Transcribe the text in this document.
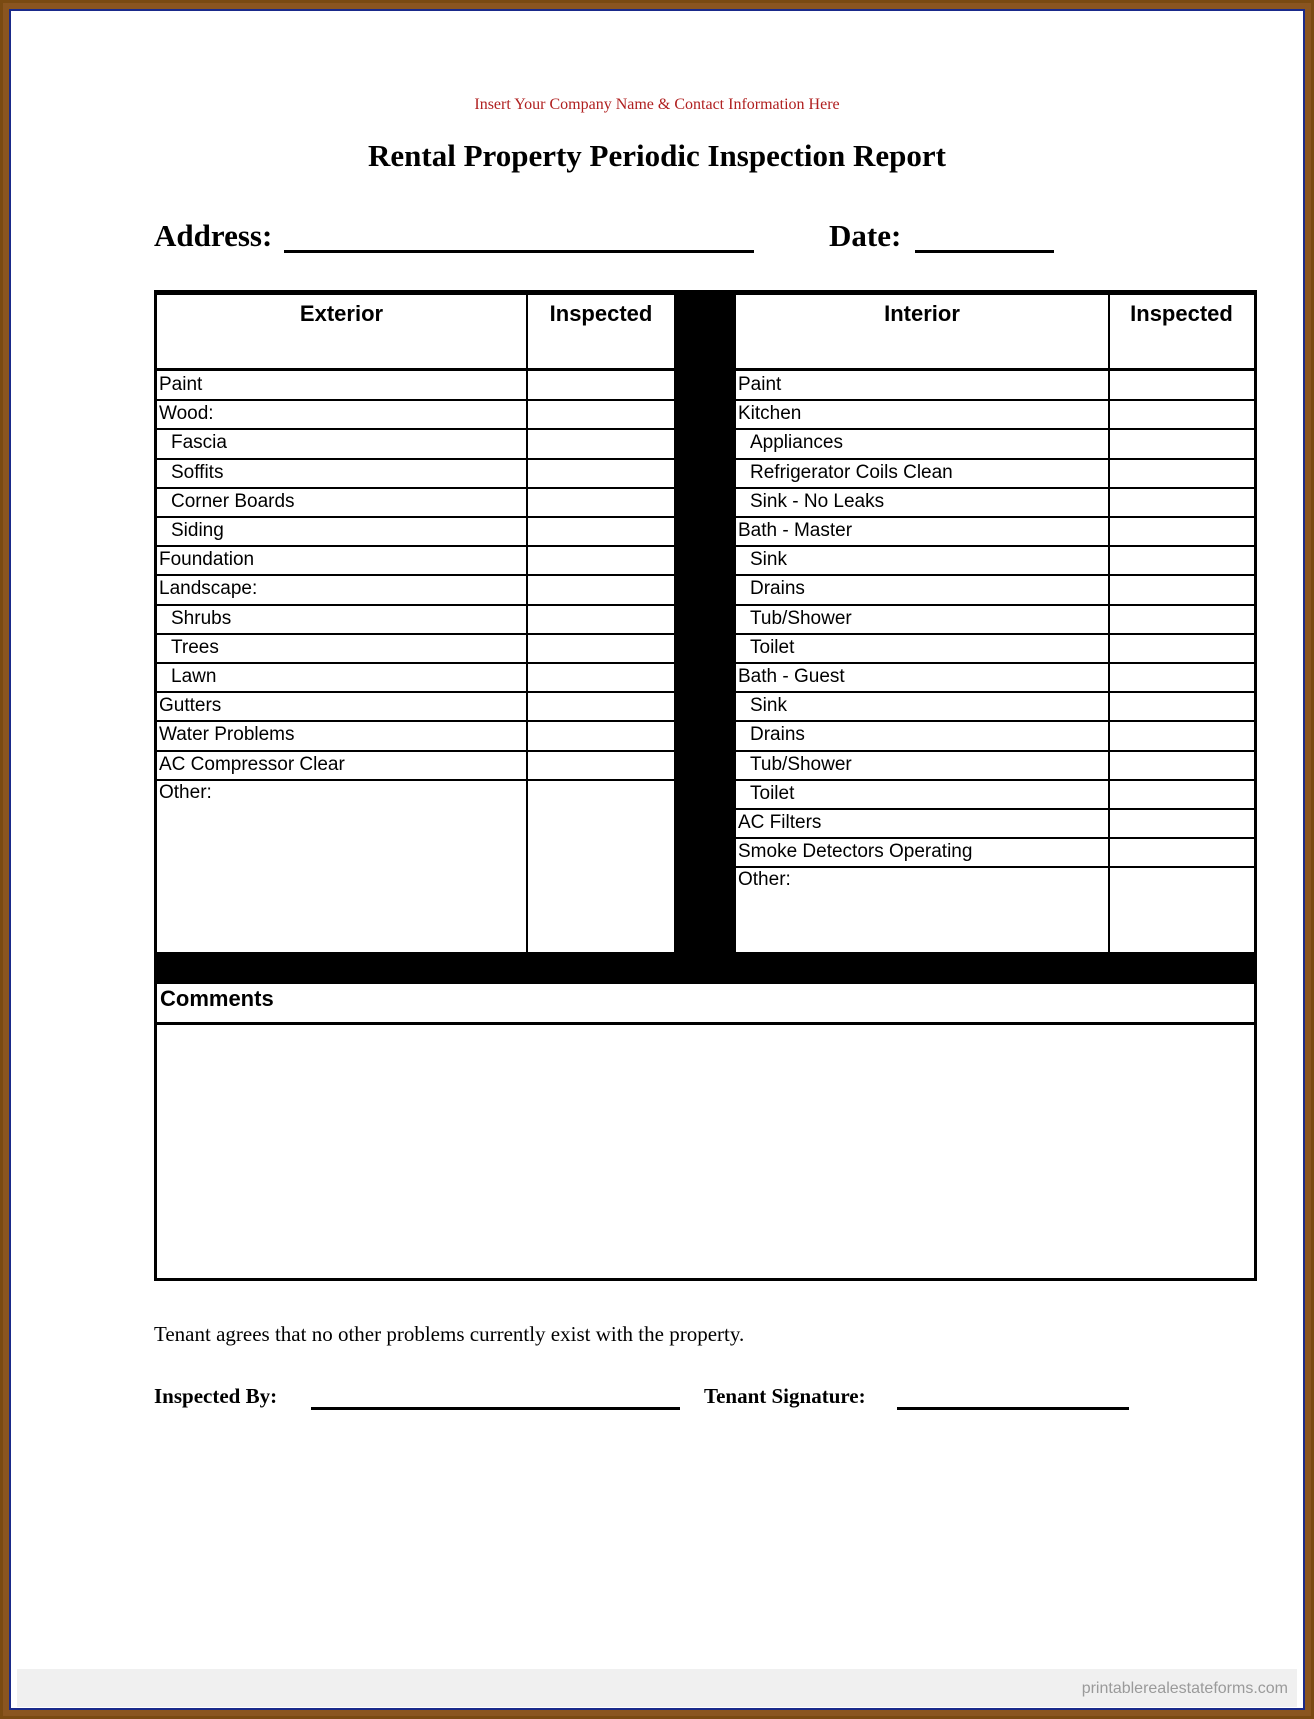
Insert Your Company Name & Contact Information Here
Rental Property Periodic Inspection Report
Address:	Date:
Exterior	Inspected
Paint
Wood:
Fascia
Soffits
Corner Boards
Siding
Foundation
Landscape:
Shrubs
Trees
Lawn
Gutters
Water Problems
AC Compressor Clear
Other:
Interior	Inspected
Paint
Kitchen
Appliances
Refrigerator Coils Clean
Sink - No Leaks
Bath - Master
Sink
Drains
Tub/Shower
Toilet
Bath - Guest
Sink
Drains
Tub/Shower
Toilet
AC Filters
Smoke Detectors Operating
Other:
Comments
Tenant agrees that no other problems currently exist with the property.
Inspected By:	Tenant Signature:
printablerealestateforms.com
